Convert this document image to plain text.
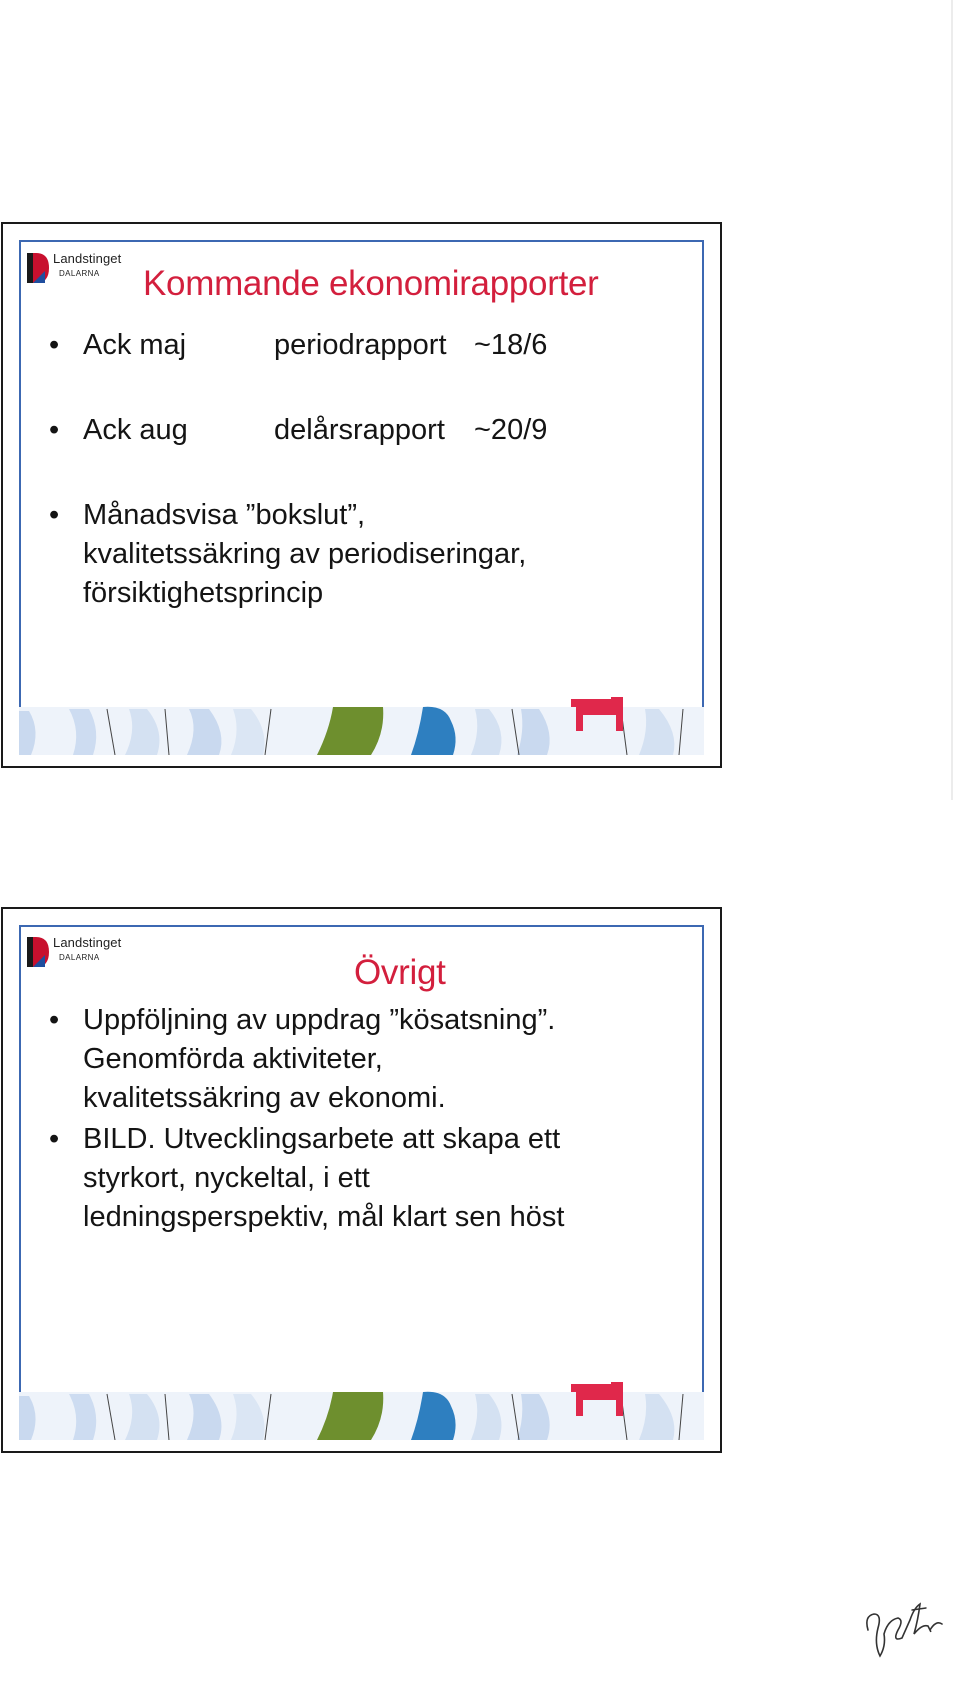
Landstinget
DALARNA Kommande ekonomirapporter
• Ack maj	periodrapport ~18/6
• Ack aug	delårsrapport ~20/9
• Månadsvisa ”bokslut”,
kvalitetssäkring av periodiseringar,
försiktighetsprincip
Landstinget
DALARNA	Övrigt
• Uppföljning av uppdrag ”kösatsning”.
Genomförda aktiviteter,
kvalitetssäkring av ekonomi.
• BILD. Utvecklingsarbete att skapa ett
styrkort, nyckeltal, i ett
ledningsperspektiv, mål klart sen höst
